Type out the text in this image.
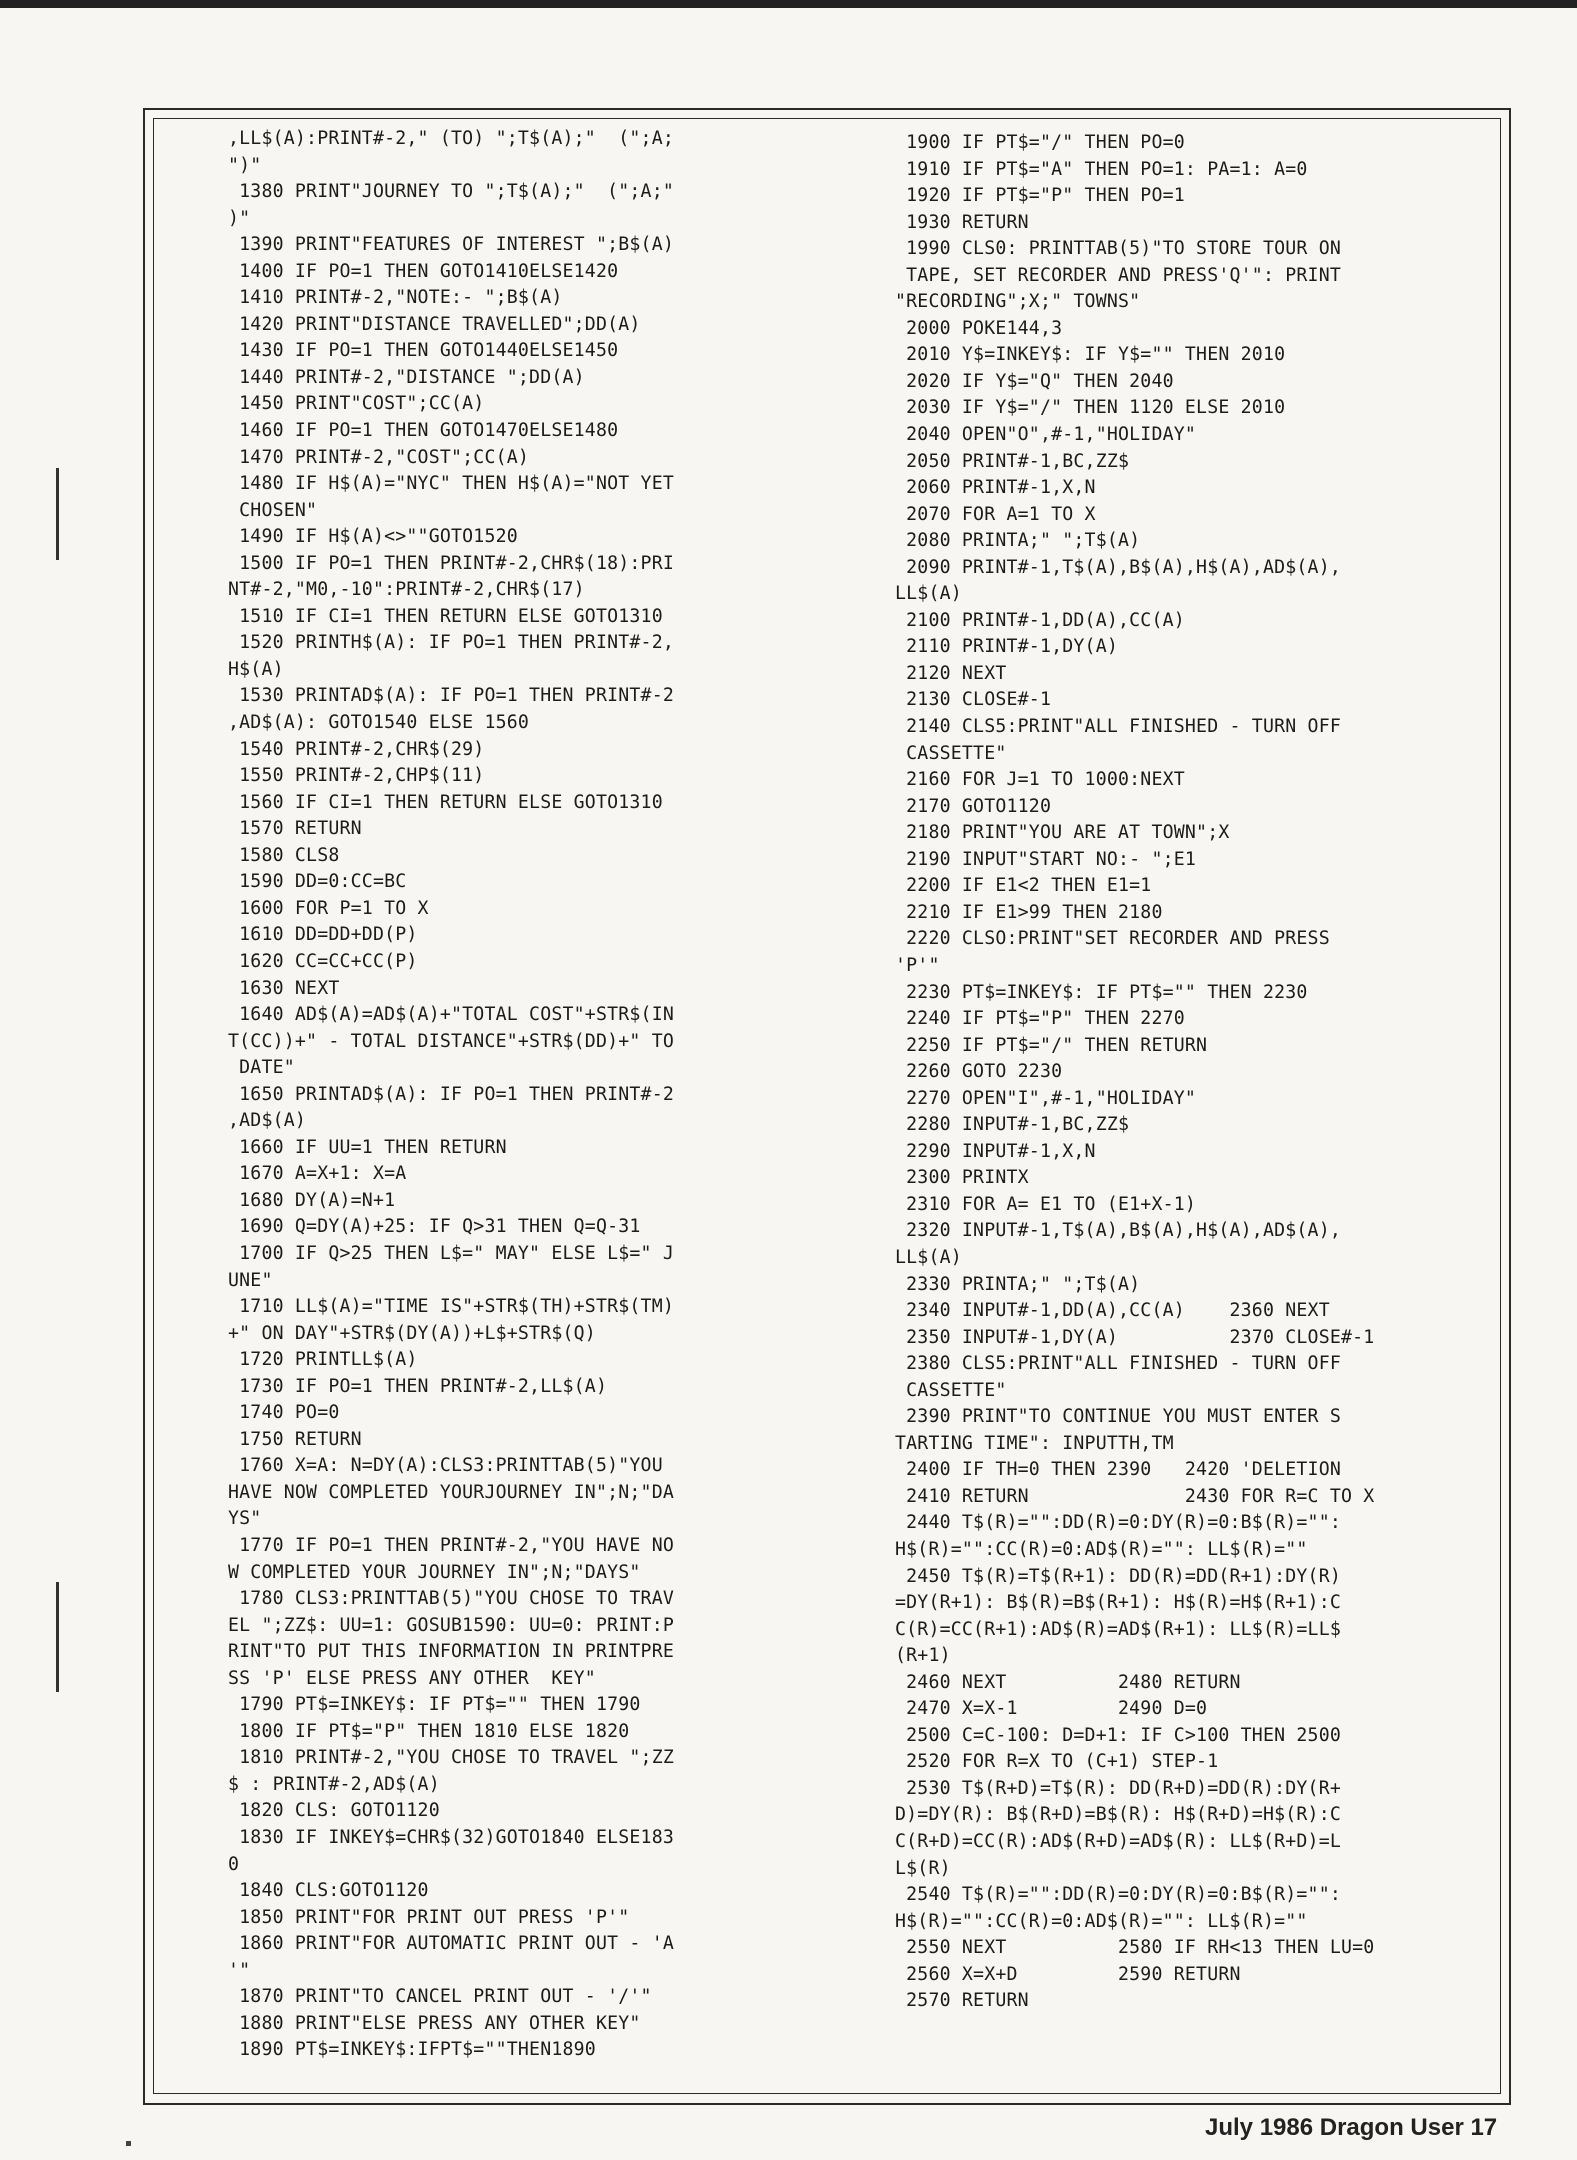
,LL$(A):PRINT#-2," (TO) ";T$(A);"  (";A;
")"
1380 PRINT"JOURNEY TO ";T$(A);"  (";A;"
)"
1390 PRINT"FEATURES OF INTEREST ";B$(A)
1400 IF PO=1 THEN GOTO1410ELSE1420
1410 PRINT#-2,"NOTE:- ";B$(A)
1420 PRINT"DISTANCE TRAVELLED";DD(A)
1430 IF PO=1 THEN GOTO1440ELSE1450
1440 PRINT#-2,"DISTANCE ";DD(A)
1450 PRINT"COST";CC(A)
1460 IF PO=1 THEN GOTO1470ELSE1480
1470 PRINT#-2,"COST";CC(A)
1480 IF H$(A)="NYC" THEN H$(A)="NOT YET
CHOSEN"
1490 IF H$(A)<>""GOTO1520
1500 IF PO=1 THEN PRINT#-2,CHR$(18):PRI
NT#-2,"M0,-10":PRINT#-2,CHR$(17)
1510 IF CI=1 THEN RETURN ELSE GOTO1310
1520 PRINTH$(A): IF PO=1 THEN PRINT#-2,
H$(A)
1530 PRINTAD$(A): IF PO=1 THEN PRINT#-2
,AD$(A): GOTO1540 ELSE 1560
1540 PRINT#-2,CHR$(29)
1550 PRINT#-2,CHP$(11)
1560 IF CI=1 THEN RETURN ELSE GOTO1310
1570 RETURN
1580 CLS8
1590 DD=0:CC=BC
1600 FOR P=1 TO X
1610 DD=DD+DD(P)
1620 CC=CC+CC(P)
1630 NEXT
1640 AD$(A)=AD$(A)+"TOTAL COST"+STR$(IN
T(CC))+" - TOTAL DISTANCE"+STR$(DD)+" TO
DATE"
1650 PRINTAD$(A): IF PO=1 THEN PRINT#-2
,AD$(A)
1660 IF UU=1 THEN RETURN
1670 A=X+1: X=A
1680 DY(A)=N+1
1690 Q=DY(A)+25: IF Q>31 THEN Q=Q-31
1700 IF Q>25 THEN L$=" MAY" ELSE L$=" J
UNE"
1710 LL$(A)="TIME IS"+STR$(TH)+STR$(TM)
+" ON DAY"+STR$(DY(A))+L$+STR$(Q)
1720 PRINTLL$(A)
1730 IF PO=1 THEN PRINT#-2,LL$(A)
1740 PO=0
1750 RETURN
1760 X=A: N=DY(A):CLS3:PRINTTAB(5)"YOU
HAVE NOW COMPLETED YOURJOURNEY IN";N;"DA
YS"
1770 IF PO=1 THEN PRINT#-2,"YOU HAVE NO
W COMPLETED YOUR JOURNEY IN";N;"DAYS"
1780 CLS3:PRINTTAB(5)"YOU CHOSE TO TRAV
EL ";ZZ$: UU=1: GOSUB1590: UU=0: PRINT:P
RINT"TO PUT THIS INFORMATION IN PRINTPRE
SS 'P' ELSE PRESS ANY OTHER  KEY"
1790 PT$=INKEY$: IF PT$="" THEN 1790
1800 IF PT$="P" THEN 1810 ELSE 1820
1810 PRINT#-2,"YOU CHOSE TO TRAVEL ";ZZ
$ : PRINT#-2,AD$(A)
1820 CLS: GOTO1120
1830 IF INKEY$=CHR$(32)GOTO1840 ELSE183
0
1840 CLS:GOTO1120
1850 PRINT"FOR PRINT OUT PRESS 'P'"
1860 PRINT"FOR AUTOMATIC PRINT OUT - 'A
'"
1870 PRINT"TO CANCEL PRINT OUT - '/'"
1880 PRINT"ELSE PRESS ANY OTHER KEY"
1890 PT$=INKEY$:IFPT$=""THEN1890
1900 IF PT$="/" THEN PO=0
1910 IF PT$="A" THEN PO=1: PA=1: A=0
1920 IF PT$="P" THEN PO=1
1930 RETURN
1990 CLS0: PRINTTAB(5)"TO STORE TOUR ON
TAPE, SET RECORDER AND PRESS'Q'": PRINT
"RECORDING";X;" TOWNS"
2000 POKE144,3
2010 Y$=INKEY$: IF Y$="" THEN 2010
2020 IF Y$="Q" THEN 2040
2030 IF Y$="/" THEN 1120 ELSE 2010
2040 OPEN"O",#-1,"HOLIDAY"
2050 PRINT#-1,BC,ZZ$
2060 PRINT#-1,X,N
2070 FOR A=1 TO X
2080 PRINTA;" ";T$(A)
2090 PRINT#-1,T$(A),B$(A),H$(A),AD$(A),
LL$(A)
2100 PRINT#-1,DD(A),CC(A)
2110 PRINT#-1,DY(A)
2120 NEXT
2130 CLOSE#-1
2140 CLS5:PRINT"ALL FINISHED - TURN OFF
CASSETTE"
2160 FOR J=1 TO 1000:NEXT
2170 GOTO1120
2180 PRINT"YOU ARE AT TOWN";X
2190 INPUT"START NO:- ";E1
2200 IF E1<2 THEN E1=1
2210 IF E1>99 THEN 2180
2220 CLSO:PRINT"SET RECORDER AND PRESS
'P'"
2230 PT$=INKEY$: IF PT$="" THEN 2230
2240 IF PT$="P" THEN 2270
2250 IF PT$="/" THEN RETURN
2260 GOTO 2230
2270 OPEN"I",#-1,"HOLIDAY"
2280 INPUT#-1,BC,ZZ$
2290 INPUT#-1,X,N
2300 PRINTX
2310 FOR A= E1 TO (E1+X-1)
2320 INPUT#-1,T$(A),B$(A),H$(A),AD$(A),
LL$(A)
2330 PRINTA;" ";T$(A)
2340 INPUT#-1,DD(A),CC(A)    2360 NEXT
2350 INPUT#-1,DY(A)          2370 CLOSE#-1
2380 CLS5:PRINT"ALL FINISHED - TURN OFF
CASSETTE"
2390 PRINT"TO CONTINUE YOU MUST ENTER S
TARTING TIME": INPUTTH,TM
2400 IF TH=0 THEN 2390   2420 'DELETION
2410 RETURN              2430 FOR R=C TO X
2440 T$(R)="":DD(R)=0:DY(R)=0:B$(R)="":
H$(R)="":CC(R)=0:AD$(R)="": LL$(R)=""
2450 T$(R)=T$(R+1): DD(R)=DD(R+1):DY(R)
=DY(R+1): B$(R)=B$(R+1): H$(R)=H$(R+1):C
C(R)=CC(R+1):AD$(R)=AD$(R+1): LL$(R)=LL$
(R+1)
2460 NEXT          2480 RETURN
2470 X=X-1         2490 D=0
2500 C=C-100: D=D+1: IF C>100 THEN 2500
2520 FOR R=X TO (C+1) STEP-1
2530 T$(R+D)=T$(R): DD(R+D)=DD(R):DY(R+
D)=DY(R): B$(R+D)=B$(R): H$(R+D)=H$(R):C
C(R+D)=CC(R):AD$(R+D)=AD$(R): LL$(R+D)=L
L$(R)
2540 T$(R)="":DD(R)=0:DY(R)=0:B$(R)="":
H$(R)="":CC(R)=0:AD$(R)="": LL$(R)=""
2550 NEXT          2580 IF RH<13 THEN LU=0
2560 X=X+D         2590 RETURN
2570 RETURN
July 1986 Dragon User 17
